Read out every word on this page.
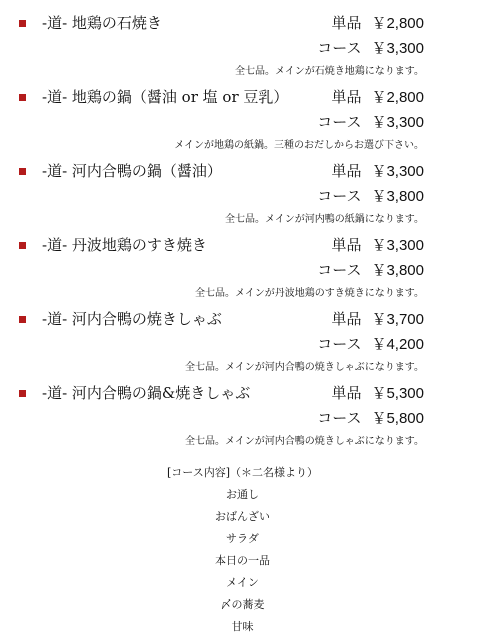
-道- 地鶏の石焼き	単品 ￥2,800
コース ￥3,300
全七品。メインが石焼き地鶏になります。
-道- 地鶏の鍋（醤油 or 塩 or 豆乳）	単品 ￥2,800
コース ￥3,300
メインが地鶏の紙鍋。三種のおだしからお選び下さい。
-道- 河内合鴨の鍋（醤油）	単品 ￥3,300
コース ￥3,800
全七品。メインが河内鴨の紙鍋になります。
-道- 丹波地鶏のすき焼き	単品 ￥3,300
コース ￥3,800
全七品。メインが丹波地鶏のすき焼きになります。
-道- 河内合鴨の焼きしゃぶ	単品 ￥3,700
コース ￥4,200
全七品。メインが河内合鴨の焼きしゃぶになります。
-道- 河内合鴨の鍋&焼きしゃぶ	単品 ￥5,300
コース ￥5,800
全七品。メインが河内合鴨の焼きしゃぶになります。
[コース内容]（＊二名様より）
お通し
おばんざい
サラダ
本日の一品
メイン
〆の蕎麦
甘味
